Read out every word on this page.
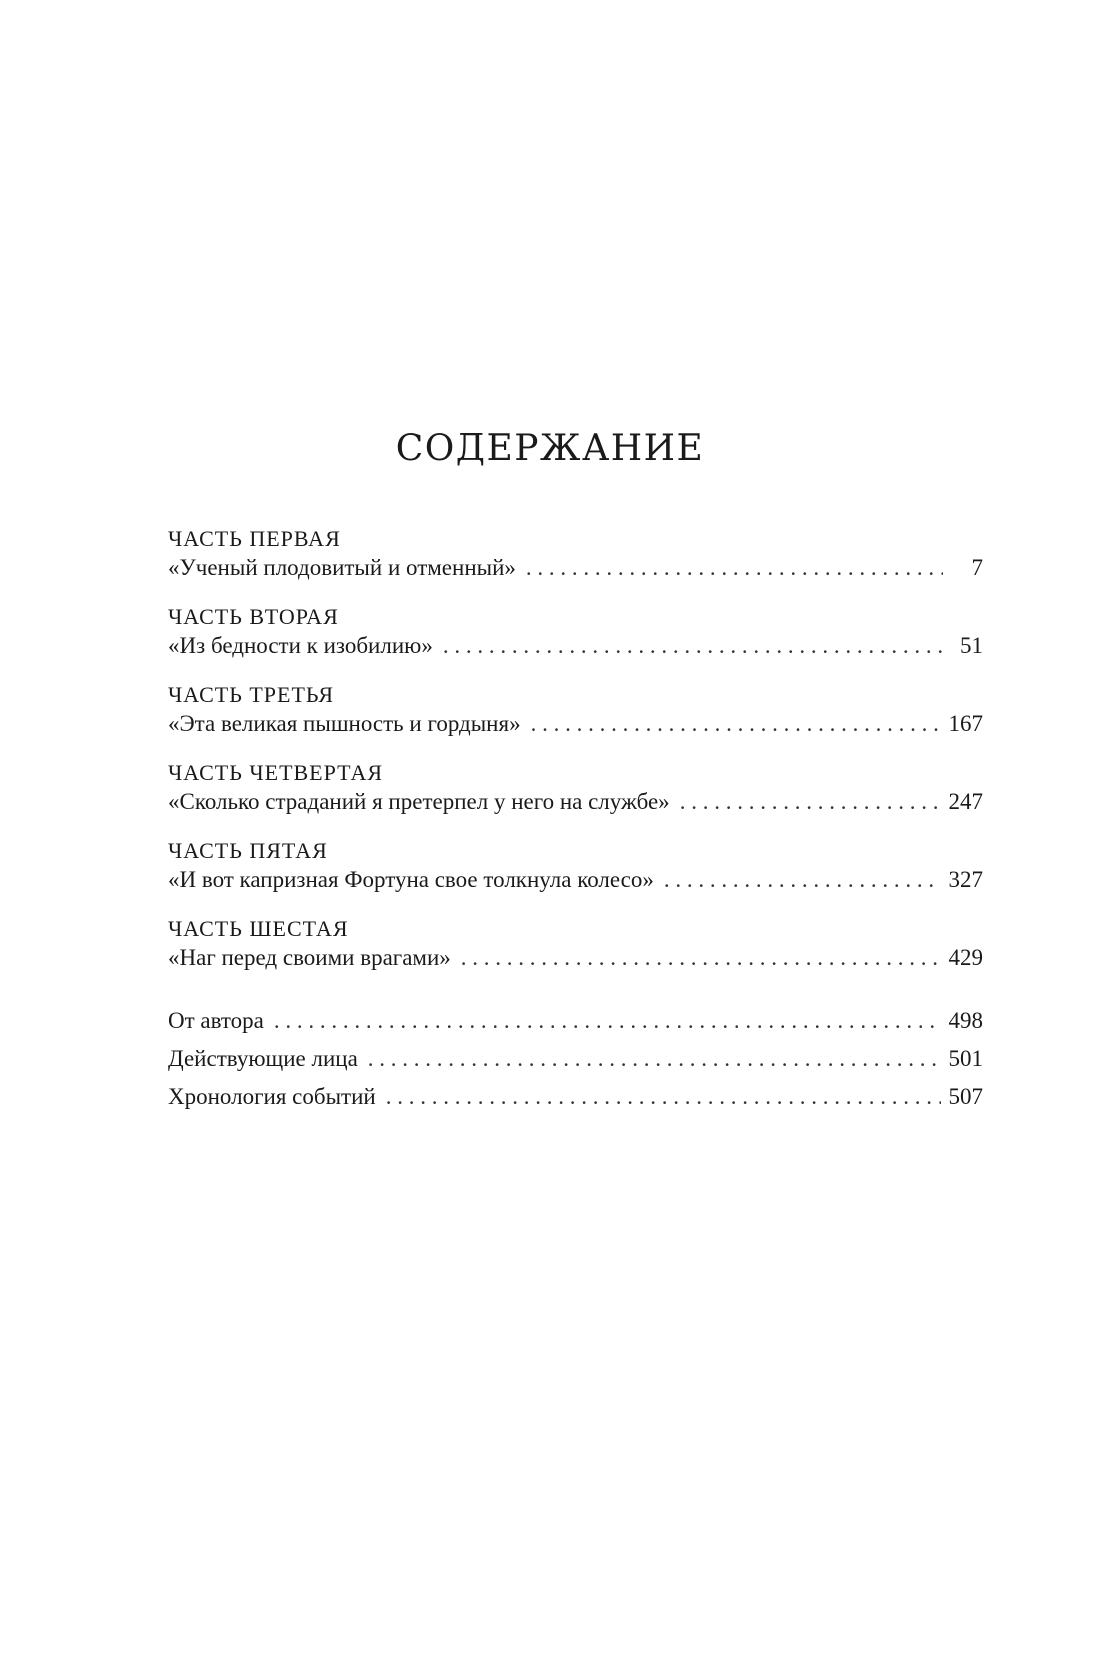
СОДЕРЖАНИЕ
ЧАСТЬ ПЕРВАЯ
«Ученый плодовитый и отменный» . . .	7
ЧАСТЬ ВТОРАЯ
«Из бедности к изобилию» . . .	51
ЧАСТЬ ТРЕТЬЯ
«Эта великая пышность и гордыня» . . .	167
ЧАСТЬ ЧЕТВЕРТАЯ
«Сколько страданий я претерпел у него на службе» . . .	247
ЧАСТЬ ПЯТАЯ
«И вот капризная Фортуна свое толкнула колесо» . . .	327
ЧАСТЬ ШЕСТАЯ
«Наг перед своими врагами» . . .	429
От автора . . .	498
Действующие лица . . .	501
Хронология событий . . .	507
